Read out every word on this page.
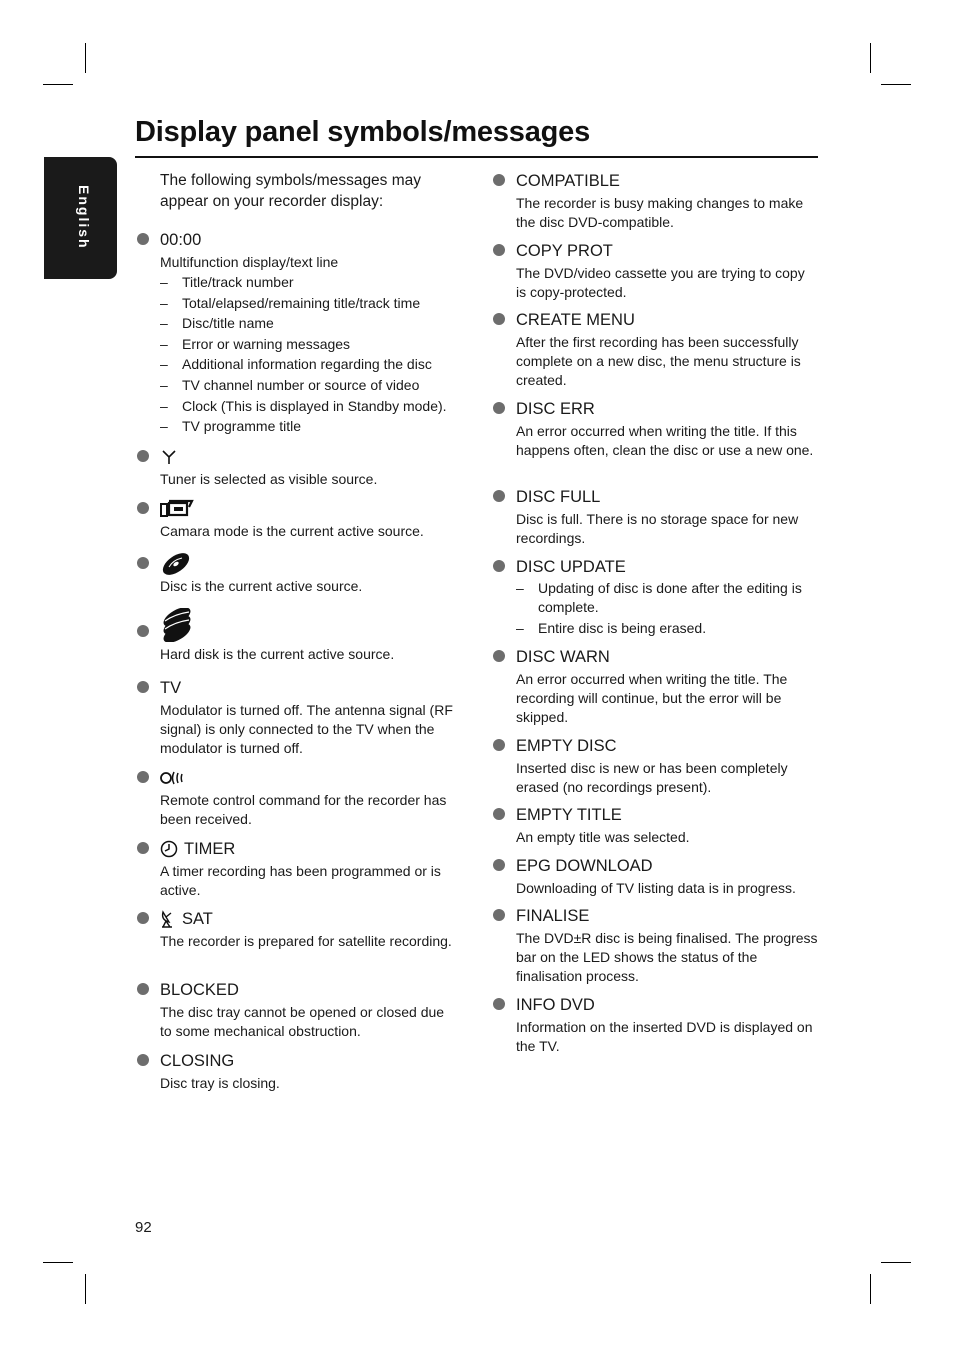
Display panel symbols/messages
English
The following symbols/messages may appear on your recorder display:
00:00
Multifunction display/text line
– Title/track number
– Total/elapsed/remaining title/track time
– Disc/title name
– Error or warning messages
– Additional information regarding the disc
– TV channel number or source of video
– Clock (This is displayed in Standby mode).
– TV programme title
Tuner is selected as visible source.
Camara mode is the current active source.
Disc is the current active source.
Hard disk is the current active source.
TV
Modulator is turned off. The antenna signal (RF signal) is only connected to the TV when the modulator is turned off.
Remote control command for the recorder has been received.
TIMER
A timer recording has been programmed or is active.
SAT
The recorder is prepared for satellite recording.
BLOCKED
The disc tray cannot be opened or closed due to some mechanical obstruction.
CLOSING
Disc tray is closing.
COMPATIBLE
The recorder is busy making changes to make the disc DVD-compatible.
COPY PROT
The DVD/video cassette you are trying to copy is copy-protected.
CREATE MENU
After the first recording has been successfully complete on a new disc, the menu structure is created.
DISC ERR
An error occurred when writing the title. If this happens often, clean the disc or use a new one.
DISC FULL
Disc is full. There is no storage space for new recordings.
DISC UPDATE
– Updating of disc is done after the editing is complete.
– Entire disc is being erased.
DISC WARN
An error occurred when writing the title. The recording will continue, but the error will be skipped.
EMPTY DISC
Inserted disc is new or has been completely erased (no recordings present).
EMPTY TITLE
An empty title was selected.
EPG DOWNLOAD
Downloading of TV listing data is in progress.
FINALISE
The DVD±R disc is being finalised. The progress bar on the LED shows the status of the finalisation process.
INFO DVD
Information on the inserted DVD is displayed on the TV.
92
